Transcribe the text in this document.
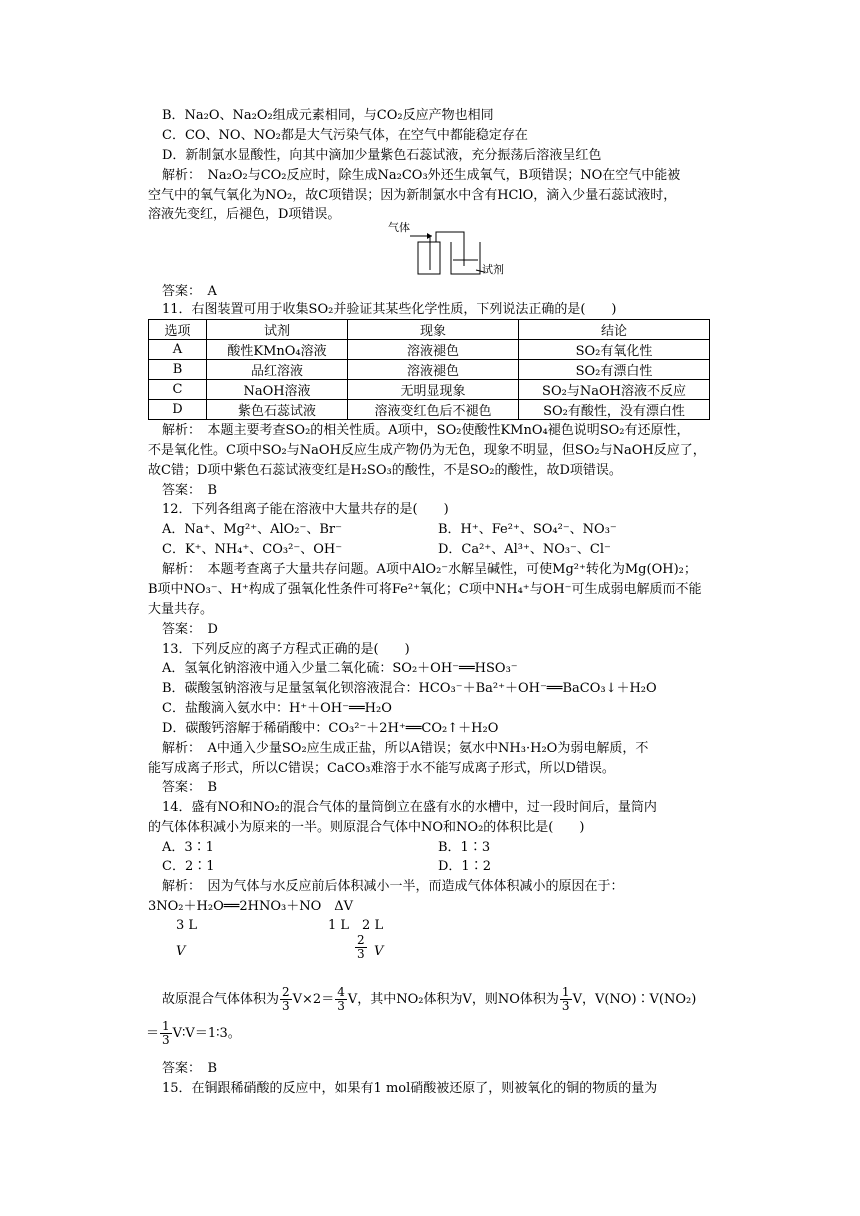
B．Na₂O、Na₂O₂组成元素相同，与CO₂反应产物也相同
C．CO、NO、NO₂都是大气污染气体，在空气中都能稳定存在
D．新制氯水显酸性，向其中滴加少量紫色石蕊试液，充分振荡后溶液呈红色
解析：　Na₂O₂与CO₂反应时，除生成Na₂CO₃外还生成氧气，B项错误；NO在空气中能被
空气中的氧气氧化为NO₂，故C项错误；因为新制氯水中含有HClO，滴入少量石蕊试液时，
溶液先变红，后褪色，D项错误。
气体
试剂
答案：　A
11．右图装置可用于收集SO₂并验证其某些化学性质，下列说法正确的是(　　)
选项	试剂	现象	结论
A	酸性KMnO₄溶液	溶液褪色	SO₂有氧化性
B	品红溶液	溶液褪色	SO₂有漂白性
C	NaOH溶液	无明显现象	SO₂与NaOH溶液不反应
D	紫色石蕊试液	溶液变红色后不褪色	SO₂有酸性，没有漂白性
解析：　本题主要考查SO₂的相关性质。A项中，SO₂使酸性KMnO₄褪色说明SO₂有还原性，
不是氧化性。C项中SO₂与NaOH反应生成产物仍为无色，现象不明显，但SO₂与NaOH反应了，
故C错；D项中紫色石蕊试液变红是H₂SO₃的酸性，不是SO₂的酸性，故D项错误。
答案：　B
12．下列各组离子能在溶液中大量共存的是(　　)
A．Na⁺、Mg²⁺、AlO₂⁻、Br⁻	B．H⁺、Fe²⁺、SO₄²⁻、NO₃⁻
C．K⁺、NH₄⁺、CO₃²⁻、OH⁻	D．Ca²⁺、Al³⁺、NO₃⁻、Cl⁻
解析：　本题考查离子大量共存问题。A项中AlO₂⁻水解呈碱性，可使Mg²⁺转化为Mg(OH)₂；
B项中NO₃⁻、H⁺构成了强氧化性条件可将Fe²⁺氧化；C项中NH₄⁺与OH⁻可生成弱电解质而不能
大量共存。
答案：　D
13．下列反应的离子方程式正确的是(　　)
A．氢氧化钠溶液中通入少量二氧化硫：SO₂＋OH⁻══HSO₃⁻
B．碳酸氢钠溶液与足量氢氧化钡溶液混合：HCO₃⁻＋Ba²⁺＋OH⁻══BaCO₃↓＋H₂O
C．盐酸滴入氨水中：H⁺＋OH⁻══H₂O
D．碳酸钙溶解于稀硝酸中：CO₃²⁻＋2H⁺══CO₂↑＋H₂O
解析：　A中通入少量SO₂应生成正盐，所以A错误；氨水中NH₃·H₂O为弱电解质，不
能写成离子形式，所以C错误；CaCO₃难溶于水不能写成离子形式，所以D错误。
答案：　B
14．盛有NO和NO₂的混合气体的量筒倒立在盛有水的水槽中，过一段时间后，量筒内
的气体体积减小为原来的一半。则原混合气体中NO和NO₂的体积比是(　　)
A．3∶1	B．1∶3
C．2∶1	D．1∶2
解析：　因为气体与水反应前后体积减小一半，而造成气体体积减小的原因在于：
3NO₂＋H₂O══2HNO₃＋NO　ΔV
3 L	1 L　2 L
V	$\frac{2}{3}$ V
故原混合气体体积为 $\frac{2}{3} V\times 2= \frac{4}{3}$ V，其中NO₂体积为V，则NO体积为 $\frac{1}{3}$ V，V(NO)∶V(NO₂)
＝ $\frac{1}{3}$ V∶V＝1∶3。
答案：　B
15．在铜跟稀硝酸的反应中，如果有1 mol硝酸被还原了，则被氧化的铜的物质的量为
